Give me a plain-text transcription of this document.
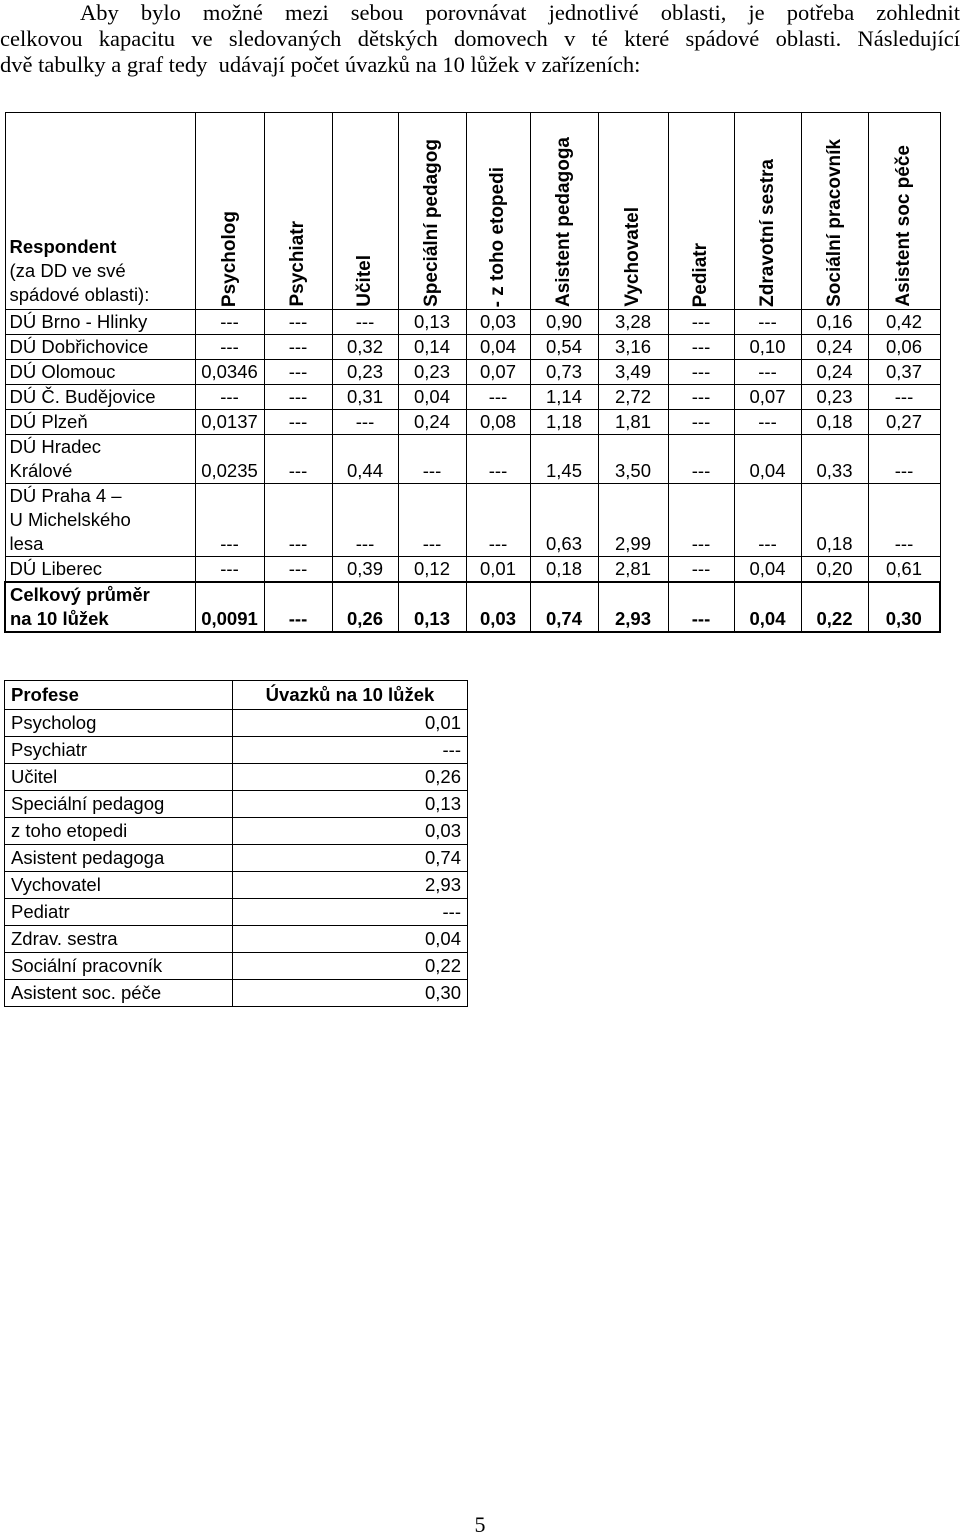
Aby bylo možné mezi sebou porovnávat jednotlivé oblasti, je potřeba zohlednit
celkovou kapacitu ve sledovaných dětských domovech v té které spádové oblasti. Následující
dvě tabulky a graf tedy  udávají počet úvazků na 10 lůžek v zařízeních:
Respondent
(za DD ve své
spádové oblasti):	Psycholog	Psychiatr	Učitel	Speciální pedagog	- z toho etopedi	Asistent pedagoga	Vychovatel	Pediatr	Zdravotní sestra	Sociální pracovník	Asistent soc péče

DÚ Brno - Hlinky	---	---	---	0,13	0,03	0,90	3,28	---	---	0,16	0,42
DÚ Dobřichovice	---	---	0,32	0,14	0,04	0,54	3,16	---	0,10	0,24	0,06
DÚ Olomouc	0,0346	---	0,23	0,23	0,07	0,73	3,49	---	---	0,24	0,37
DÚ Č. Budějovice	---	---	0,31	0,04	---	1,14	2,72	---	0,07	0,23	---
DÚ Plzeň	0,0137	---	---	0,24	0,08	1,18	1,81	---	---	0,18	0,27
DÚ Hradec
Králové	0,0235	---	0,44	---	---	1,45	3,50	---	0,04	0,33	---
DÚ Praha 4 –
U Michelského
lesa	---	---	---	---	---	0,63	2,99	---	---	0,18	---
DÚ Liberec	---	---	0,39	0,12	0,01	0,18	2,81	---	0,04	0,20	0,61
Celkový průměr
na 10 lůžek	0,0091	---	0,26	0,13	0,03	0,74	2,93	---	0,04	0,22	0,30
Profese	Úvazků na 10 lůžek
Psycholog	0,01
Psychiatr	---
Učitel	0,26
Speciální pedagog	0,13
z toho etopedi	0,03
Asistent pedagoga	0,74
Vychovatel	2,93
Pediatr	---
Zdrav. sestra	0,04
Sociální pracovník	0,22
Asistent soc. péče	0,30
5
